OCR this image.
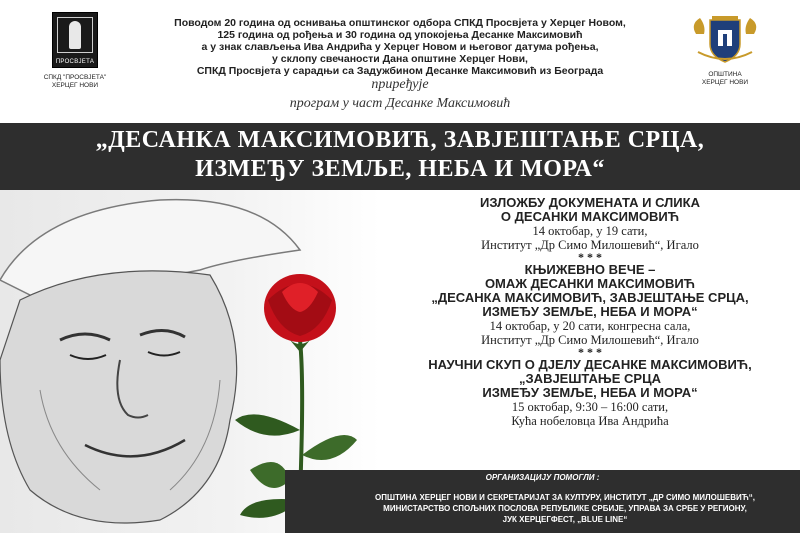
ПРОСВЈЕТА
СПКД "ПРОСВЈЕТА"
ХЕРЦЕГ НОВИ
ОПШТИНА
ХЕРЦЕГ НОВИ
Поводом 20 година од оснивања општинског одбора СПКД Просвјета у Херцег Новом,
125 година од рођења и 30 година од упокојења Десанке Максимовић
а у знак слављења Ива Андрића у Херцег Новом и његовог датума рођења,
у склопу свечаности Дана општине Херцег Нови,
СПКД Просвјета у сарадњи са Задужбином Десанке Максимовић из Београда
приређује
програм у част Десанке Максимовић
„ДЕСАНКА МАКСИМОВИЋ, ЗАВЈЕШТАЊЕ СРЦА,
ИЗМЕЂУ ЗЕМЉЕ, НЕБА И МОРА“
ИЗЛОЖБУ ДОКУМЕНАТА И СЛИКА
О ДЕСАНКИ МАКСИМОВИЋ
14 октобар, у 19 сати,
Институт „Др Симо Милошевић“, Игало
* * *
КЊИЖЕВНО ВЕЧЕ –
ОМАЖ ДЕСАНКИ МАКСИМОВИЋ
„ДЕСАНКА МАКСИМОВИЋ, ЗАВЈЕШТАЊЕ СРЦА,
ИЗМЕЂУ ЗЕМЉЕ, НЕБА И МОРА“
14 октобар, у 20 сати, конгресна сала,
Институт „Др Симо Милошевић“, Игало
* * *
НАУЧНИ СКУП О ДЈЕЛУ ДЕСАНКЕ МАКСИМОВИЋ,
„ЗАВЈЕШТАЊЕ СРЦА
ИЗМЕЂУ ЗЕМЉЕ, НЕБА И МОРА“
15 октобар, 9:30 – 16:00 сати,
Кућа нобеловца Ива Андрића
ОРГАНИЗАЦИЈУ ПОМОГЛИ :
ОПШТИНА ХЕРЦЕГ НОВИ И СЕКРЕТАРИЈАТ ЗА КУЛТУРУ, ИНСТИТУТ „ДР СИМО МИЛОШЕВИЋ“,
МИНИСТАРСТВО СПОЉНИХ ПОСЛОВА РЕПУБЛИКЕ СРБИЈЕ, УПРАВА ЗА СРБЕ У РЕГИОНУ,
ЈУК ХЕРЦЕГФЕСТ, „BLUE LINE“
